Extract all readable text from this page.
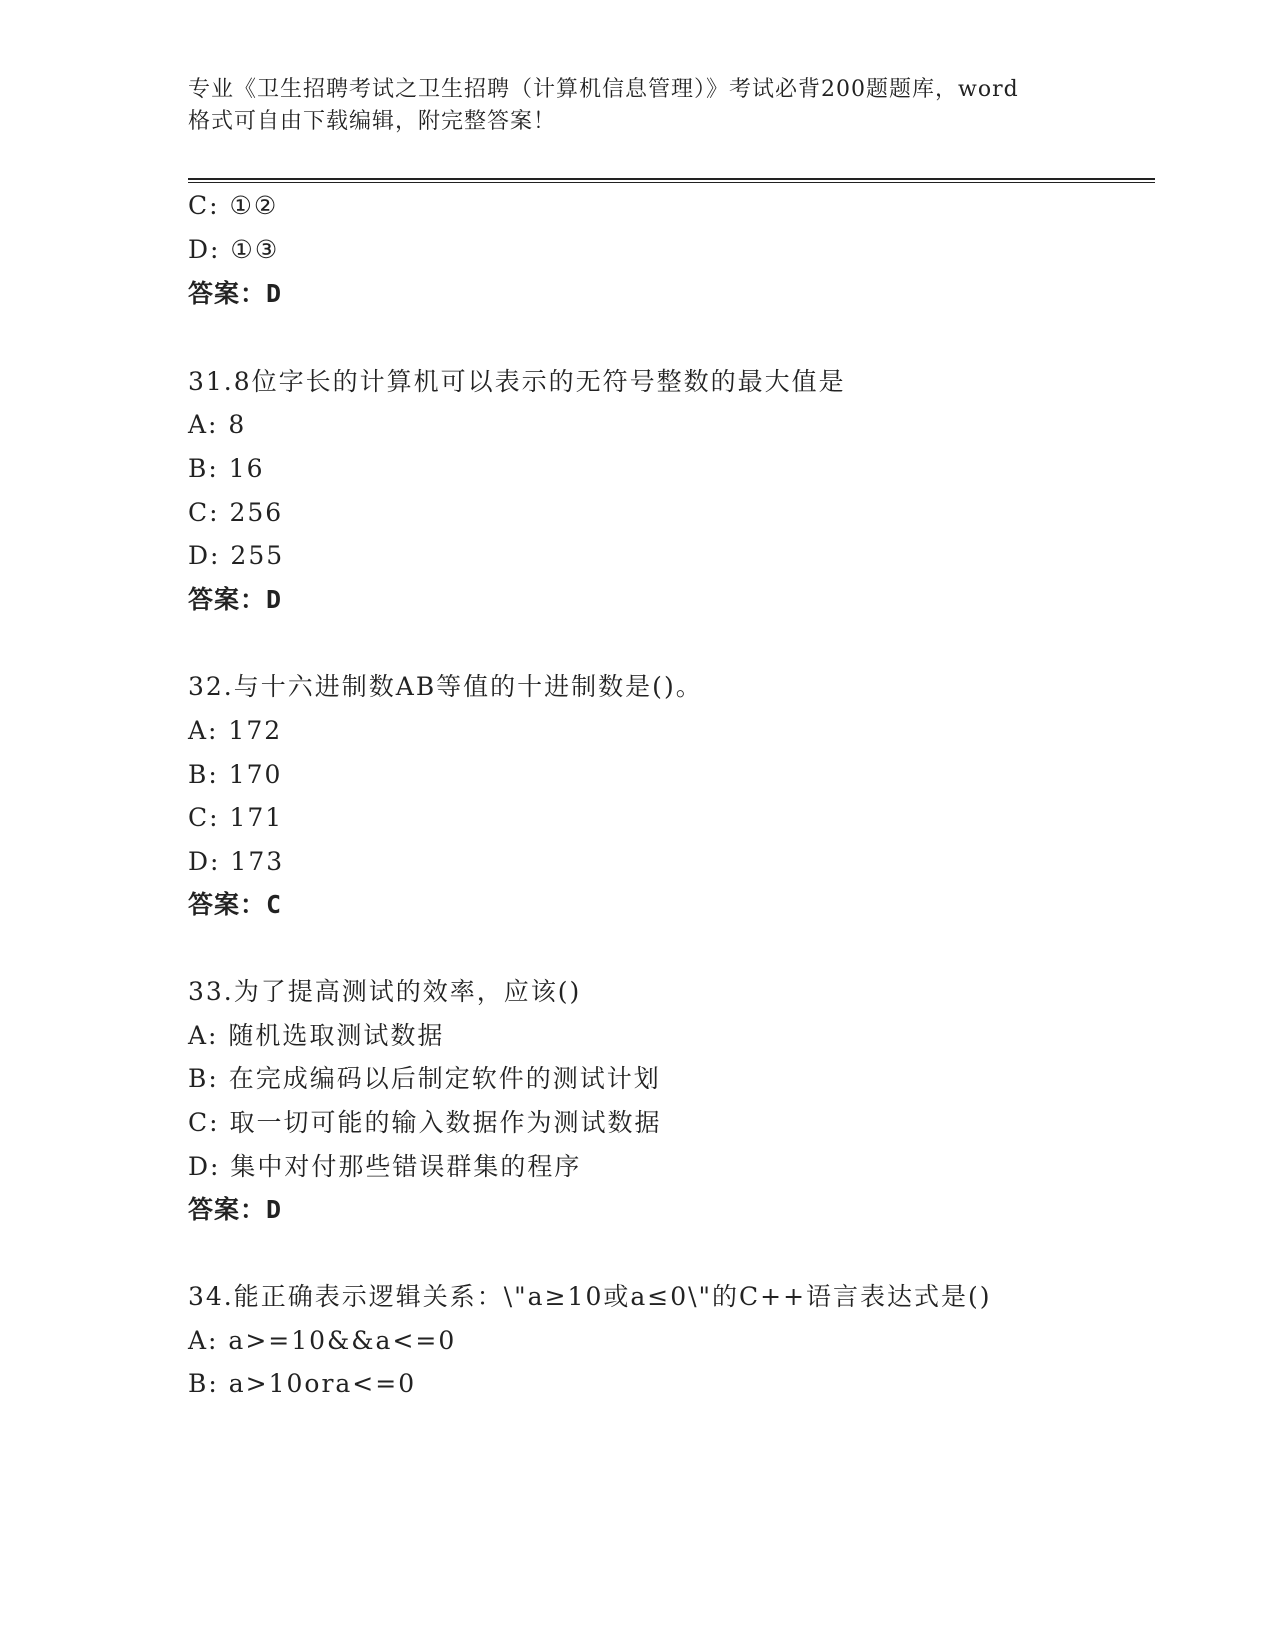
专业《卫生招聘考试之卫生招聘（计算机信息管理）》考试必背200题题库，word
格式可自由下载编辑，附完整答案！
C: ①②
D: ①③
答案：D
31.8位字长的计算机可以表示的无符号整数的最大值是
A: 8
B: 16
C: 256
D: 255
答案：D
32.与十六进制数AB等值的十进制数是()。
A: 172
B: 170
C: 171
D: 173
答案：C
33.为了提高测试的效率，应该()
A: 随机选取测试数据
B: 在完成编码以后制定软件的测试计划
C: 取一切可能的输入数据作为测试数据
D: 集中对付那些错误群集的程序
答案：D
34.能正确表示逻辑关系：\"a≥10或a≤0\"的C++语言表达式是()
A: a>=10&&a<=0
B: a>10ora<=0
